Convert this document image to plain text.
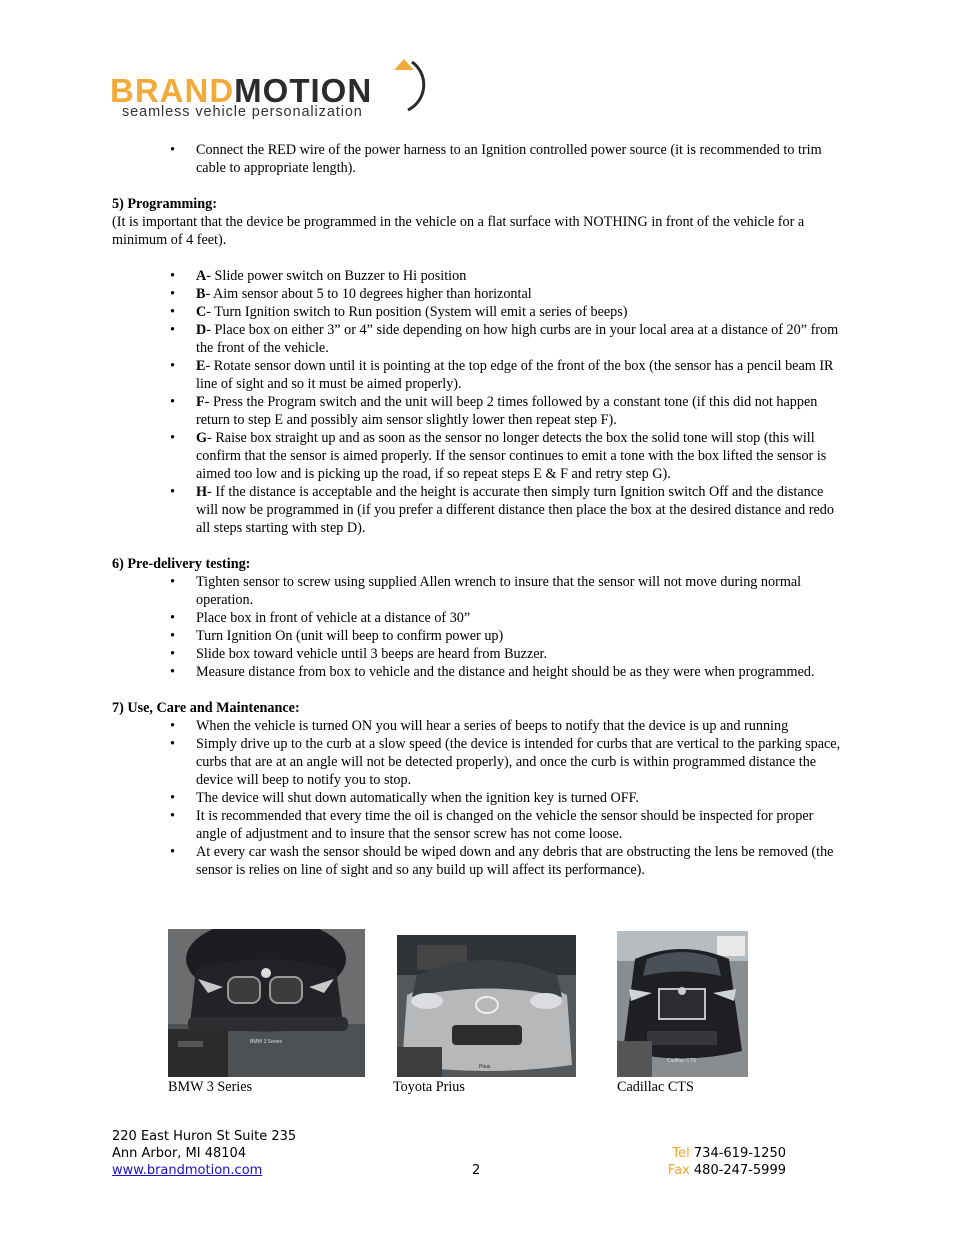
BRANDMOTION
seamless vehicle personalization
• Connect the RED wire of the power harness to an Ignition controlled power source (it is recommended to trim cable to appropriate length).

5) Programming:

(It is important that the device be programmed in the vehicle on a flat surface with NOTHING in front of the vehicle for a minimum of 4 feet).

• A- Slide power switch on Buzzer to Hi position
• B- Aim sensor about 5 to 10 degrees higher than horizontal
• C- Turn Ignition switch to Run position (System will emit a series of beeps)
• D- Place box on either 3” or 4” side depending on how high curbs are in your local area at a distance of 20” from the front of the vehicle.
• E- Rotate sensor down until it is pointing at the top edge of the front of the box (the sensor has a pencil beam IR line of sight and so it must be aimed properly).
• F- Press the Program switch and the unit will beep 2 times followed by a constant tone (if this did not happen return to step E and possibly aim sensor slightly lower then repeat step F).
• G- Raise box straight up and as soon as the sensor no longer detects the box the solid tone will stop (this will confirm that the sensor is aimed properly. If the sensor continues to emit a tone with the box lifted the sensor is aimed too low and is picking up the road, if so repeat steps E & F and retry step G).
• H- If the distance is acceptable and the height is accurate then simply turn Ignition switch Off and the distance will now be programmed in (if you prefer a different distance then place the box at the desired distance and redo all steps starting with step D).

6) Pre-delivery testing:

• Tighten sensor to screw using supplied Allen wrench to insure that the sensor will not move during normal operation.
• Place box in front of vehicle at a distance of 30”
• Turn Ignition On (unit will beep to confirm power up)
• Slide box toward vehicle until 3 beeps are heard from Buzzer.
• Measure distance from box to vehicle and the distance and height should be as they were when programmed.

7) Use, Care and Maintenance:

• When the vehicle is turned ON you will hear a series of beeps to notify that the device is up and running
• Simply drive up to the curb at a slow speed (the device is intended for curbs that are vertical to the parking space, curbs that are at an angle will not be detected properly), and once the curb is within programmed distance the device will beep to notify you to stop.
• The device will shut down automatically when the ignition key is turned OFF.
• It is recommended that every time the oil is changed on the vehicle the sensor should be inspected for proper angle of adjustment and to insure that the sensor screw has not come loose.
• At every car wash the sensor should be wiped down and any debris that are obstructing the lens be removed (the sensor is relies on line of sight and so any build up will affect its performance).
BMW 3 Series
Prius
Cadillac CTS
BMW 3 Series	Toyota Prius	Cadillac CTS
220 East Huron St Suite 235
Ann Arbor, MI 48104
www.brandmotion.com	2
Tel 734-619-1250
Fax 480-247-5999
